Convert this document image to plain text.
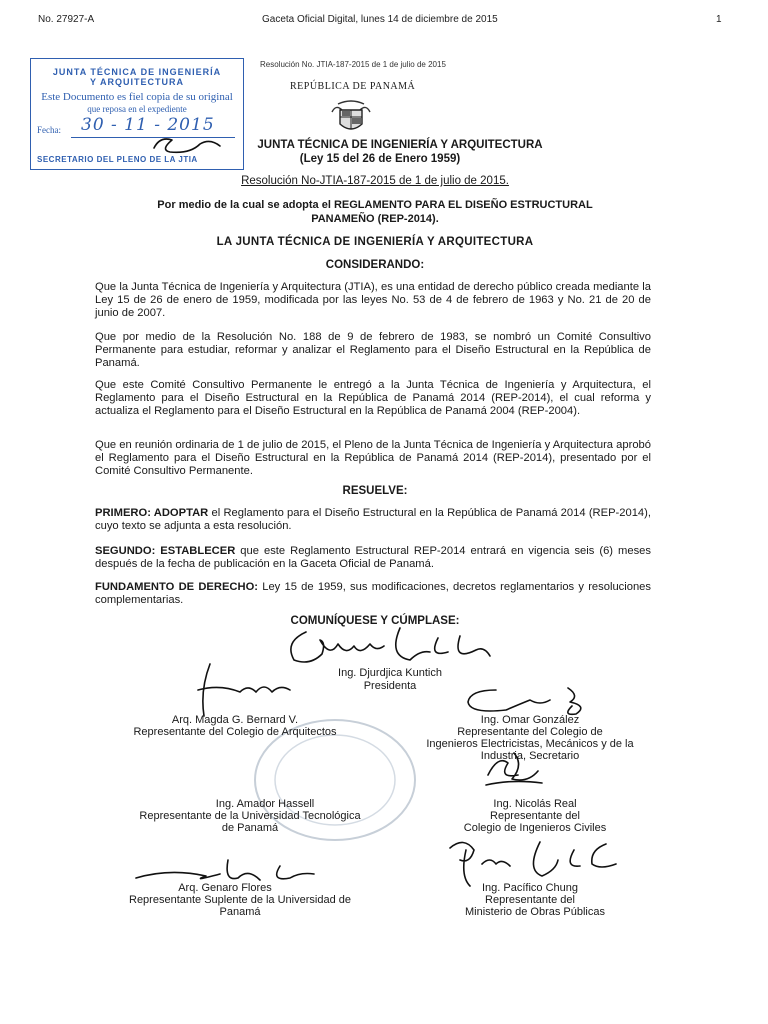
No. 27927-A	Gaceta Oficial Digital, lunes 14 de diciembre de 2015	1
Resolución No. JTIA-187-2015 de 1 de julio de 2015
REPÚBLICA DE PANAMÁ
JUNTA TÉCNICA DE INGENIERÍA
Y ARQUITECTURA
Este Documento es fiel copia de su original
que reposa en el expediente
Fecha: 30 - 11 - 2015
SECRETARIO DEL PLENO DE LA JTIA
JUNTA TÉCNICA DE INGENIERÍA Y ARQUITECTURA
(Ley 15 del 26 de Enero 1959)
Resolución No-JTIA-187-2015 de 1 de julio de 2015.
Por medio de la cual se adopta el REGLAMENTO PARA EL DISEÑO ESTRUCTURAL
PANAMEÑO (REP-2014).
LA JUNTA TÉCNICA DE INGENIERÍA Y ARQUITECTURA
CONSIDERANDO:
Que la Junta Técnica de Ingeniería y Arquitectura (JTIA), es una entidad de derecho público creada mediante la Ley 15 de 26 de enero de 1959, modificada por las leyes No. 53 de 4 de febrero de 1963 y No. 21 de 20 de junio de 2007.
Que por medio de la Resolución No. 188 de 9 de febrero de 1983, se nombró un Comité Consultivo Permanente para estudiar, reformar y analizar el Reglamento para el Diseño Estructural en la República de Panamá.
Que este Comité Consultivo Permanente le entregó a la Junta Técnica de Ingeniería y Arquitectura, el Reglamento para el Diseño Estructural en la República de Panamá 2014 (REP-2014), el cual reforma y actualiza el Reglamento para el Diseño Estructural en la República de Panamá 2004 (REP-2004).
Que en reunión ordinaria de 1 de julio de 2015, el Pleno de la Junta Técnica de Ingeniería y Arquitectura aprobó el Reglamento para el Diseño Estructural en la República de Panamá 2014 (REP-2014), presentado por el Comité Consultivo Permanente.
RESUELVE:
PRIMERO: ADOPTAR el Reglamento para el Diseño Estructural en la República de Panamá 2014 (REP-2014), cuyo texto se adjunta a esta resolución.
SEGUNDO: ESTABLECER que este Reglamento Estructural REP-2014 entrará en vigencia seis (6) meses después de la fecha de publicación en la Gaceta Oficial de Panamá.
FUNDAMENTO DE DERECHO: Ley 15 de 1959, sus modificaciones, decretos reglamentarios y resoluciones complementarias.
COMUNÍQUESE Y CÚMPLASE:
Ing. Djurdjica Kuntich
Presidenta
Arq. Magda G. Bernard V.
Representante del Colegio de Arquitectos
Ing. Omar González
Representante del Colegio de
Ingenieros Electricistas, Mecánicos y de la
Industria, Secretario
Ing. Amador Hassell
Representante de la Universidad Tecnológica
de Panamá
Ing. Nicolás Real
Representante del
Colegio de Ingenieros Civiles
Arq. Genaro Flores
Representante Suplente de la Universidad de
Panamá
Ing. Pacífico Chung
Representante del
Ministerio de Obras Públicas
